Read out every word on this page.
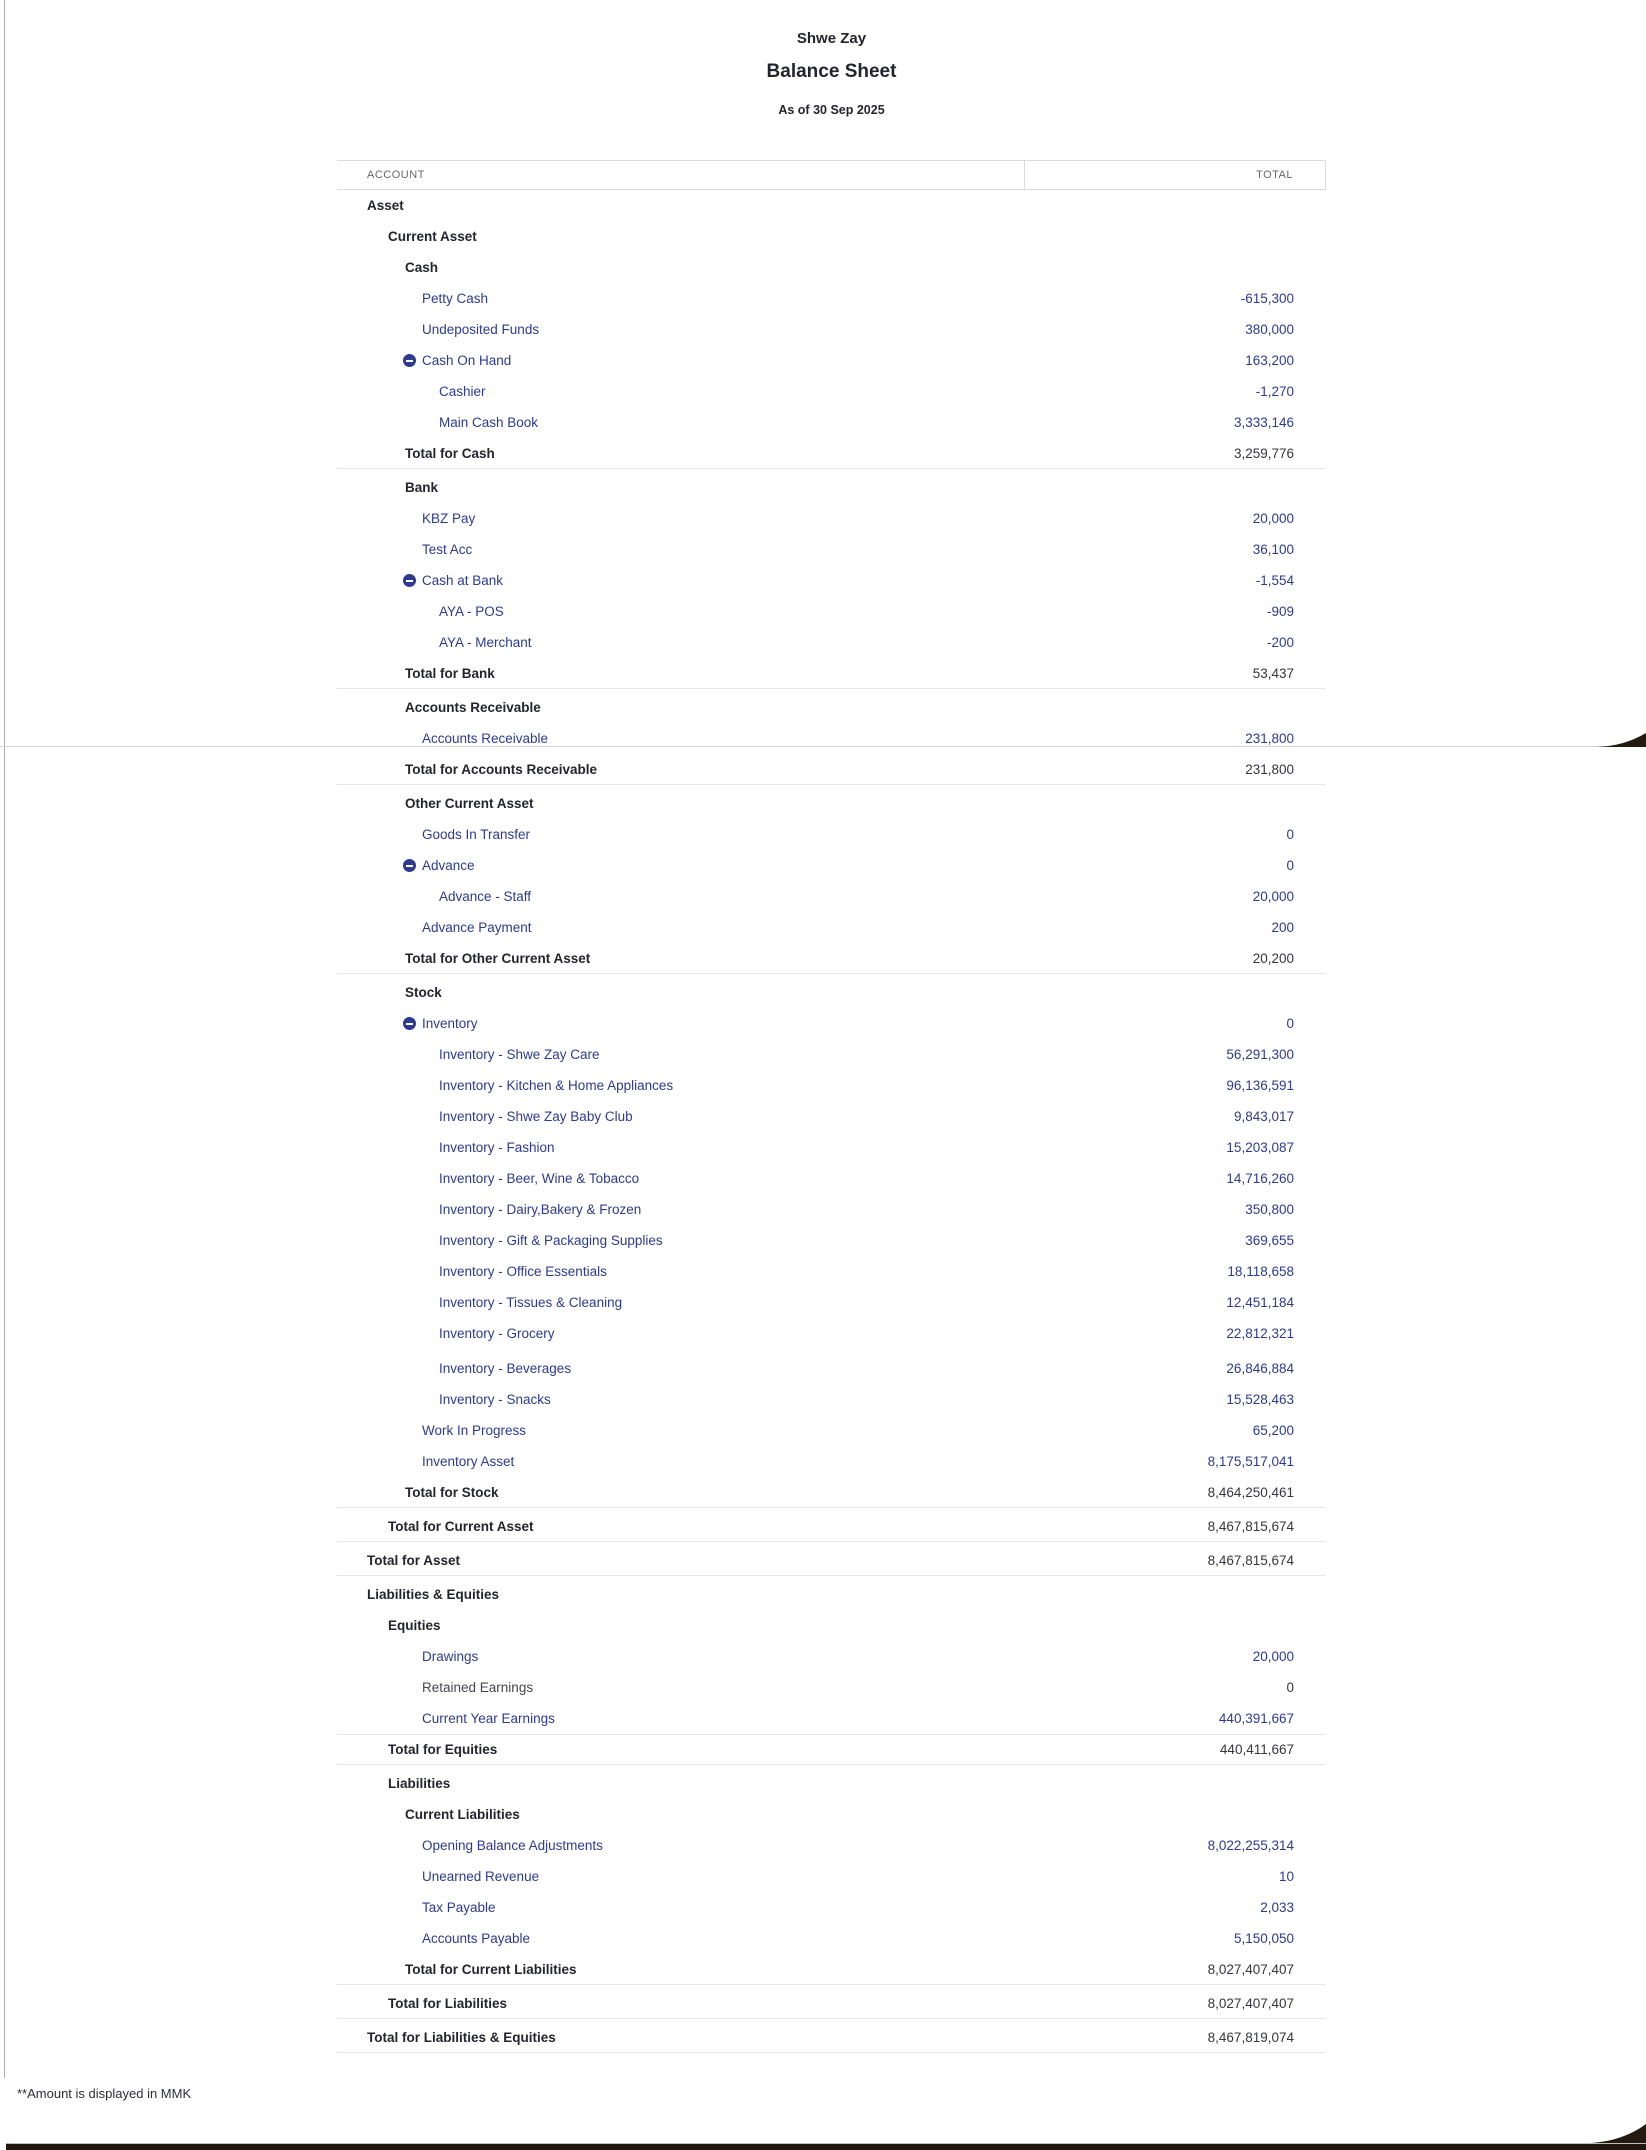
Shwe Zay
Balance Sheet
As of 30 Sep 2025
ACCOUNT	TOTAL
Asset
Current Asset
Cash
Petty Cash	-615,300
Undeposited Funds	380,000
Cash On Hand	163,200
Cashier	-1,270
Main Cash Book	3,333,146
Total for Cash	3,259,776
Bank
KBZ Pay	20,000
Test Acc	36,100
Cash at Bank	-1,554
AYA - POS	-909
AYA - Merchant	-200
Total for Bank	53,437
Accounts Receivable
Accounts Receivable	231,800
Total for Accounts Receivable	231,800
Other Current Asset
Goods In Transfer	0
Advance	0
Advance - Staff	20,000
Advance Payment	200
Total for Other Current Asset	20,200
Stock
Inventory	0
Inventory - Shwe Zay Care	56,291,300
Inventory - Kitchen & Home Appliances	96,136,591
Inventory - Shwe Zay Baby Club	9,843,017
Inventory - Fashion	15,203,087
Inventory - Beer, Wine & Tobacco	14,716,260
Inventory - Dairy,Bakery & Frozen	350,800
Inventory - Gift & Packaging Supplies	369,655
Inventory - Office Essentials	18,118,658
Inventory - Tissues & Cleaning	12,451,184
Inventory - Grocery	22,812,321
Inventory - Beverages	26,846,884
Inventory - Snacks	15,528,463
Work In Progress	65,200
Inventory Asset	8,175,517,041
Total for Stock	8,464,250,461
Total for Current Asset	8,467,815,674
Total for Asset	8,467,815,674
Liabilities & Equities
Equities
Drawings	20,000
Retained Earnings	0
Current Year Earnings	440,391,667
Total for Equities	440,411,667
Liabilities
Current Liabilities
Opening Balance Adjustments	8,022,255,314
Unearned Revenue	10
Tax Payable	2,033
Accounts Payable	5,150,050
Total for Current Liabilities	8,027,407,407
Total for Liabilities	8,027,407,407
Total for Liabilities & Equities	8,467,819,074
**Amount is displayed in MMK
